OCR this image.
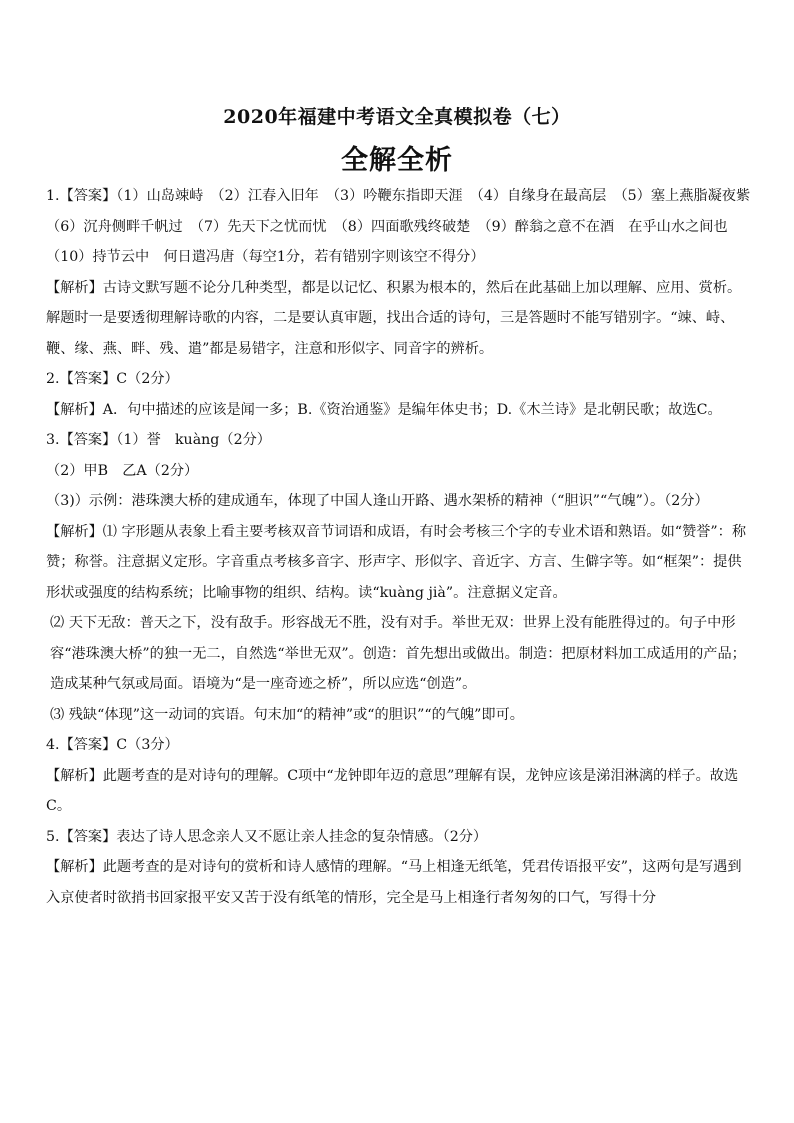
2020年福建中考语文全真模拟卷（七）
全解全析

1.【答案】（1）山岛竦峙　（2）江春入旧年　（3）吟鞭东指即天涯　（4）自缘身在最高层　（5）塞上燕脂凝夜紫　（6）沉舟侧畔千帆过　（7）先天下之忧而忧　（8）四面歌残终破楚　（9）醉翁之意不在酒　在乎山水之间也　（10）持节云中　何日遣冯唐（每空1分，若有错别字则该空不得分）

【解析】古诗文默写题不论分几种类型，都是以记忆、积累为根本的，然后在此基础上加以理解、应用、赏析。解题时一是要透彻理解诗歌的内容，二是要认真审题，找出合适的诗句，三是答题时不能写错别字。“竦、峙、鞭、缘、燕、畔、残、遣”都是易错字，注意和形似字、同音字的辨析。

2.【答案】C（2分）

【解析】A．句中描述的应该是闻一多；B.《资治通鉴》是编年体史书；D.《木兰诗》是北朝民歌；故选C。

3.【答案】（1）誉　kuàng（2分）

（2）甲B　乙A（2分）

（3)）示例：港珠澳大桥的建成通车，体现了中国人逢山开路、遇水架桥的精神（“胆识”“气魄”）。（2分）

【解析】⑴ 字形题从表象上看主要考核双音节词语和成语，有时会考核三个字的专业术语和熟语。如“赞誉”：称赞；称誉。注意据义定形。字音重点考核多音字、形声字、形似字、音近字、方言、生僻字等。如“框架”：提供形状或强度的结构系统；比喻事物的组织、结构。读“kuàng jià”。注意据义定音。

⑵ 天下无敌：普天之下，没有敌手。形容战无不胜，没有对手。举世无双：世界上没有能胜得过的。句子中形容“港珠澳大桥”的独一无二，自然选“举世无双”。创造：首先想出或做出。制造：把原材料加工成适用的产品；造成某种气氛或局面。语境为“是一座奇迹之桥”，所以应选“创造”。

⑶ 残缺“体现”这一动词的宾语。句末加“的精神”或“的胆识”“的气魄”即可。

4.【答案】C（3分）

【解析】此题考查的是对诗句的理解。C项中“龙钟即年迈的意思”理解有误，龙钟应该是涕泪淋漓的样子。故选C。

5.【答案】表达了诗人思念亲人又不愿让亲人挂念的复杂情感。（2分）

【解析】此题考查的是对诗句的赏析和诗人感情的理解。“马上相逢无纸笔，凭君传语报平安”，这两句是写遇到入京使者时欲捎书回家报平安又苦于没有纸笔的情形，完全是马上相逢行者匆匆的口气，写得十分
